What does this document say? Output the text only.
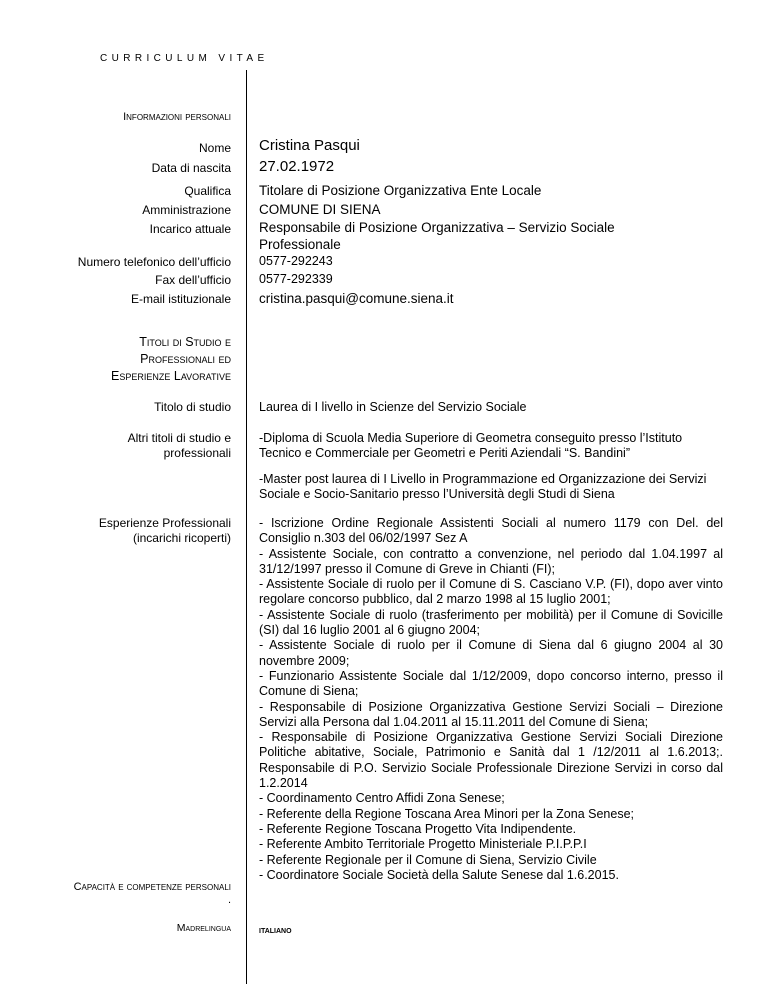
CURRICULUM VITAE
Informazioni personali
Nome Cristina Pasqui
Data di nascita 27.02.1972
Qualifica Titolare di Posizione Organizzativa Ente Locale
Amministrazione COMUNE DI SIENA
Incarico attuale Responsabile di Posizione Organizzativa – Servizio Sociale Professionale
Numero telefonico dell’ufficio 0577-292243
Fax dell’ufficio 0577-292339
E-mail istituzionale cristina.pasqui@comune.siena.it
Titoli di Studio e
Professionali ed
Esperienze Lavorative
Titolo di studio Laurea di I livello in Scienze del Servizio Sociale
Altri titoli di studio e
professionali
-Diploma di Scuola Media Superiore di Geometra conseguito presso l’Istituto Tecnico e Commerciale per Geometri e Periti Aziendali “S. Bandini”
-Master post laurea di I Livello in Programmazione ed Organizzazione dei Servizi Sociale e Socio-Sanitario presso l’Università degli Studi di Siena
Esperienze Professionali
(incarichi ricoperti)
- Iscrizione Ordine Regionale Assistenti Sociali al numero 1179 con Del. del Consiglio n.303 del 06/02/1997 Sez A
- Assistente Sociale, con contratto a convenzione, nel periodo dal 1.04.1997 al 31/12/1997 presso il Comune di Greve in Chianti (FI);
- Assistente Sociale di ruolo per il Comune di S. Casciano V.P. (FI), dopo aver vinto regolare concorso pubblico, dal 2 marzo 1998 al 15 luglio 2001;
- Assistente Sociale di ruolo (trasferimento per mobilità) per il Comune di Sovicille (SI) dal 16 luglio 2001 al 6 giugno 2004;
- Assistente Sociale di ruolo per il Comune di Siena dal 6 giugno 2004 al 30 novembre 2009;
- Funzionario Assistente Sociale dal 1/12/2009, dopo concorso interno, presso il Comune di Siena;
- Responsabile di Posizione Organizzativa Gestione Servizi Sociali – Direzione Servizi alla Persona dal 1.04.2011 al 15.11.2011 del Comune di Siena;
- Responsabile di Posizione Organizzativa Gestione Servizi Sociali Direzione Politiche abitative, Sociale, Patrimonio e Sanità dal 1 /12/2011 al 1.6.2013;. Responsabile di P.O. Servizio Sociale Professionale Direzione Servizi in corso dal 1.2.2014
- Coordinamento Centro Affidi Zona Senese;
- Referente della Regione Toscana Area Minori per la Zona Senese;
- Referente Regione Toscana Progetto Vita Indipendente.
- Referente Ambito Territoriale Progetto Ministeriale P.I.P.P.I
- Referente Regionale per il Comune di Siena, Servizio Civile
- Coordinatore Sociale Società della Salute Senese dal 1.6.2015.
Capacità e competenze personali
.
Madrelingua	italiano
